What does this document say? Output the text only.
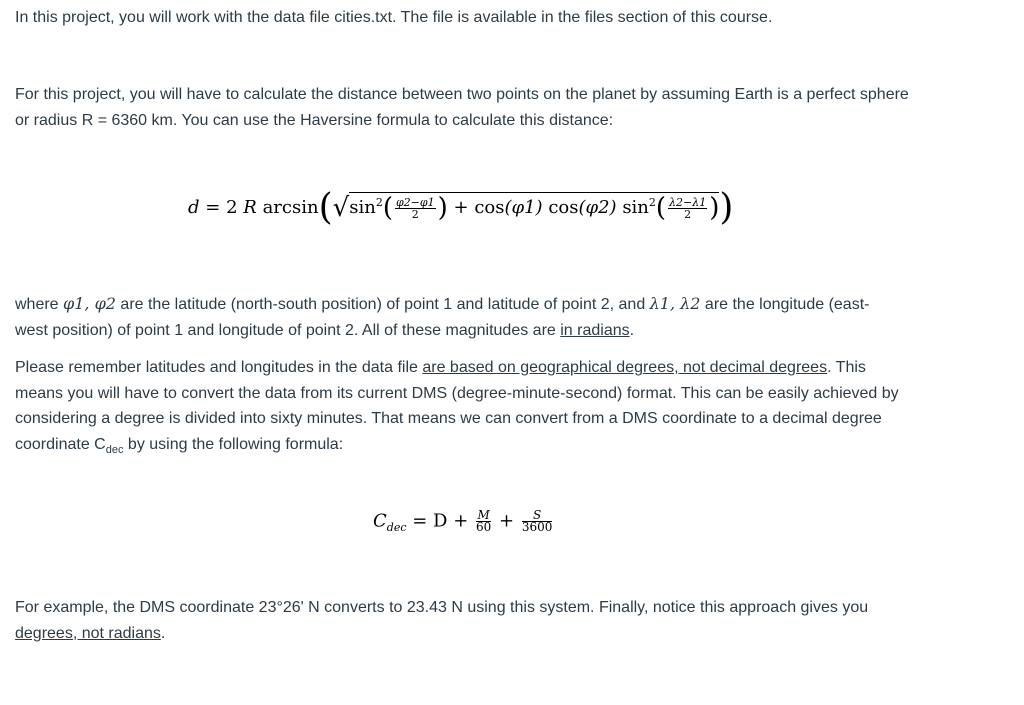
In this project, you will work with the data file cities.txt. The file is available in the files section of this course.

For this project, you will have to calculate the distance between two points on the planet by assuming Earth is a perfect sphere or radius R = 6360 km. You can use the Haversine formula to calculate this distance:

d = 2 R $\arcsin(√\sin^2( \frac{\varphi 2-\varphi 1}{2}$ ) + cos(φ1) cos(φ2) $\sin^2( \frac{\lambda 2-\lambda 1}{2}$ ))

where φ1, φ2 are the latitude (north-south position) of point 1 and latitude of point 2, and λ1, λ2 are the longitude (east-west position) of point 1 and longitude of point 2. All of these magnitudes are in radians.

Please remember latitudes and longitudes in the data file are based on geographical degrees, not decimal degrees. This means you will have to convert the data from its current DMS (degree-minute-second) format. This can be easily achieved by considering a degree is divided into sixty minutes. That means we can convert from a DMS coordinate to a decimal degree coordinate $C_{dec}$ by using the following formula:

$C_{dec} = D + \frac{M}{60} + \frac{S}{3600}$

For example, the DMS coordinate 23°26' N converts to 23.43 N using this system. Finally, notice this approach gives you degrees, not radians.
